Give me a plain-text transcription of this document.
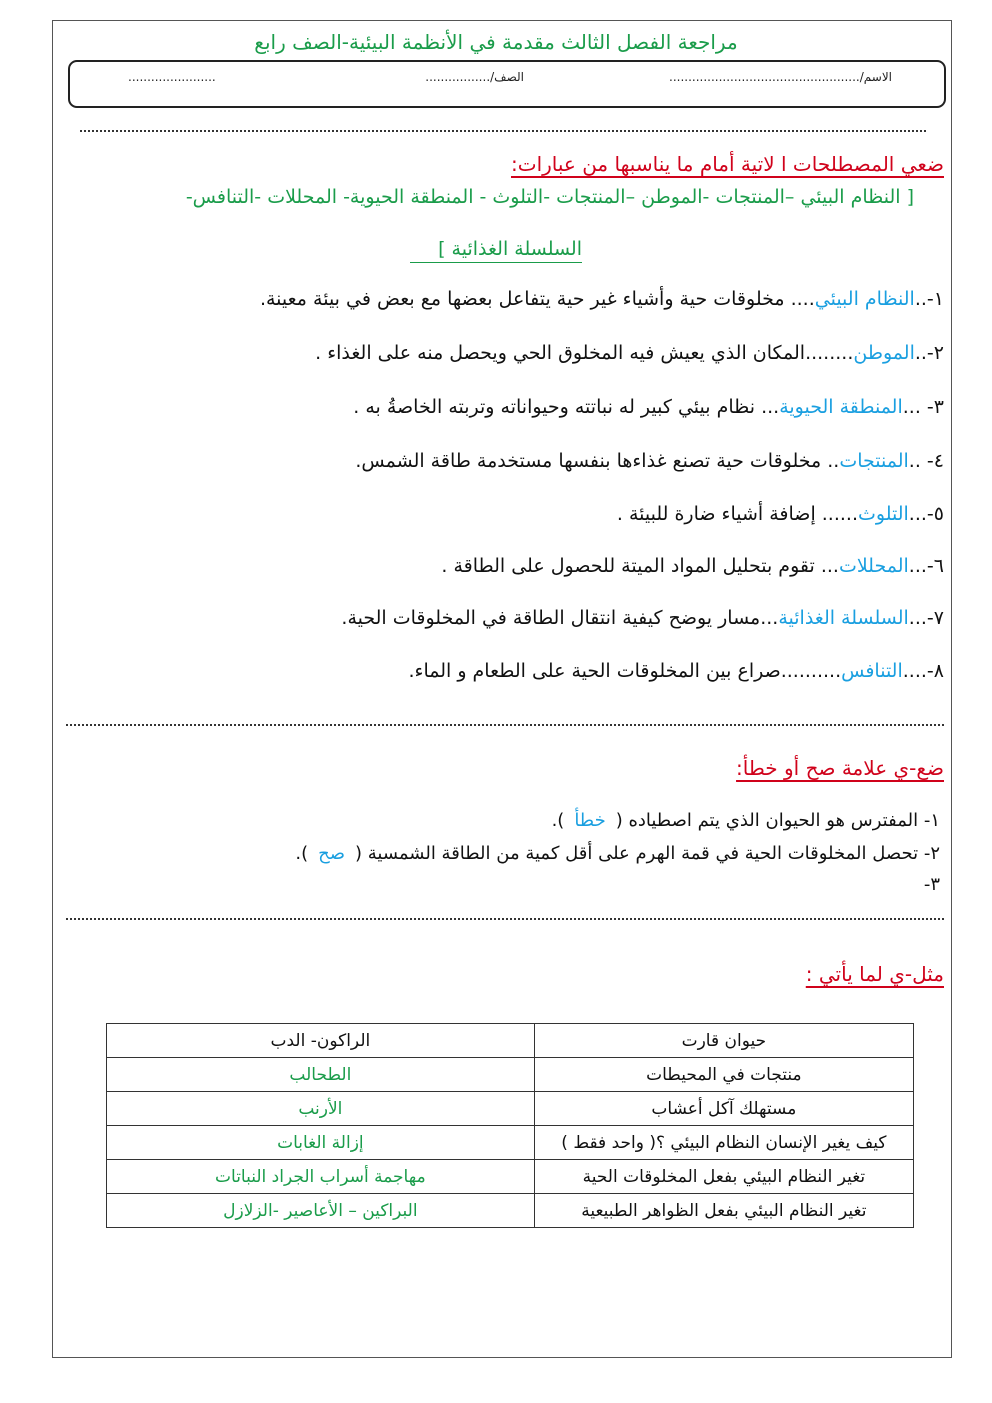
مراجعة الفصل الثالث مقدمة في الأنظمة البيئية-الصف رابع
الاسم/..................................................
الصف/.................
.......................
ضعي المصطلحات ا لاتية أمام ما يناسبها من عبارات:
[ النظام البيئي –المنتجات -الموطن –المنتجات -التلوث - المنطقة الحيوية- المحللات -التنافس-
السلسلة الغذائية ]
١-..النظام البيئي.... مخلوقات حية وأشياء غير حية يتفاعل بعضها مع بعض في بيئة معينة.
٢-..الموطن........المكان الذي يعيش فيه المخلوق الحي ويحصل منه على الغذاء .
٣- ...المنطقة الحيوية... نظام بيئي كبير له نباتته وحيواناته وتربته الخاصةُ به .
٤- ..المنتجات.. مخلوقات حية تصنع غذاءها بنفسها مستخدمة طاقة الشمس.
٥-...التلوث...... إضافة أشياء ضارة للبيئة .
٦-...المحللات... تقوم بتحليل المواد الميتة للحصول على الطاقة .
٧-...السلسلة الغذائية...مسار يوضح كيفية انتقال الطاقة في المخلوقات الحية.
٨-....التنافس..........صراع بين المخلوقات الحية على الطعام و الماء.
ضع-ي علامة صح أو خطأ:
١- المفترس هو الحيوان الذي يتم اصطياده (خطأ).
٢- تحصل المخلوقات الحية في قمة الهرم على أقل كمية من الطاقة الشمسية (صح).
٣-
مثل-ي لما يأتي :
حيوان قارت	الراكون- الدب
منتجات في المحيطات	الطحالب
مستهلك آكل أعشاب	الأرنب
كيف يغير الإنسان النظام البيئي ؟( واحد فقط )	إزالة الغابات
تغير النظام البيئي بفعل المخلوقات الحية	مهاجمة أسراب الجراد النباتات
تغير النظام البيئي بفعل الظواهر الطبيعية	البراكين – الأعاصير -الزلازل
